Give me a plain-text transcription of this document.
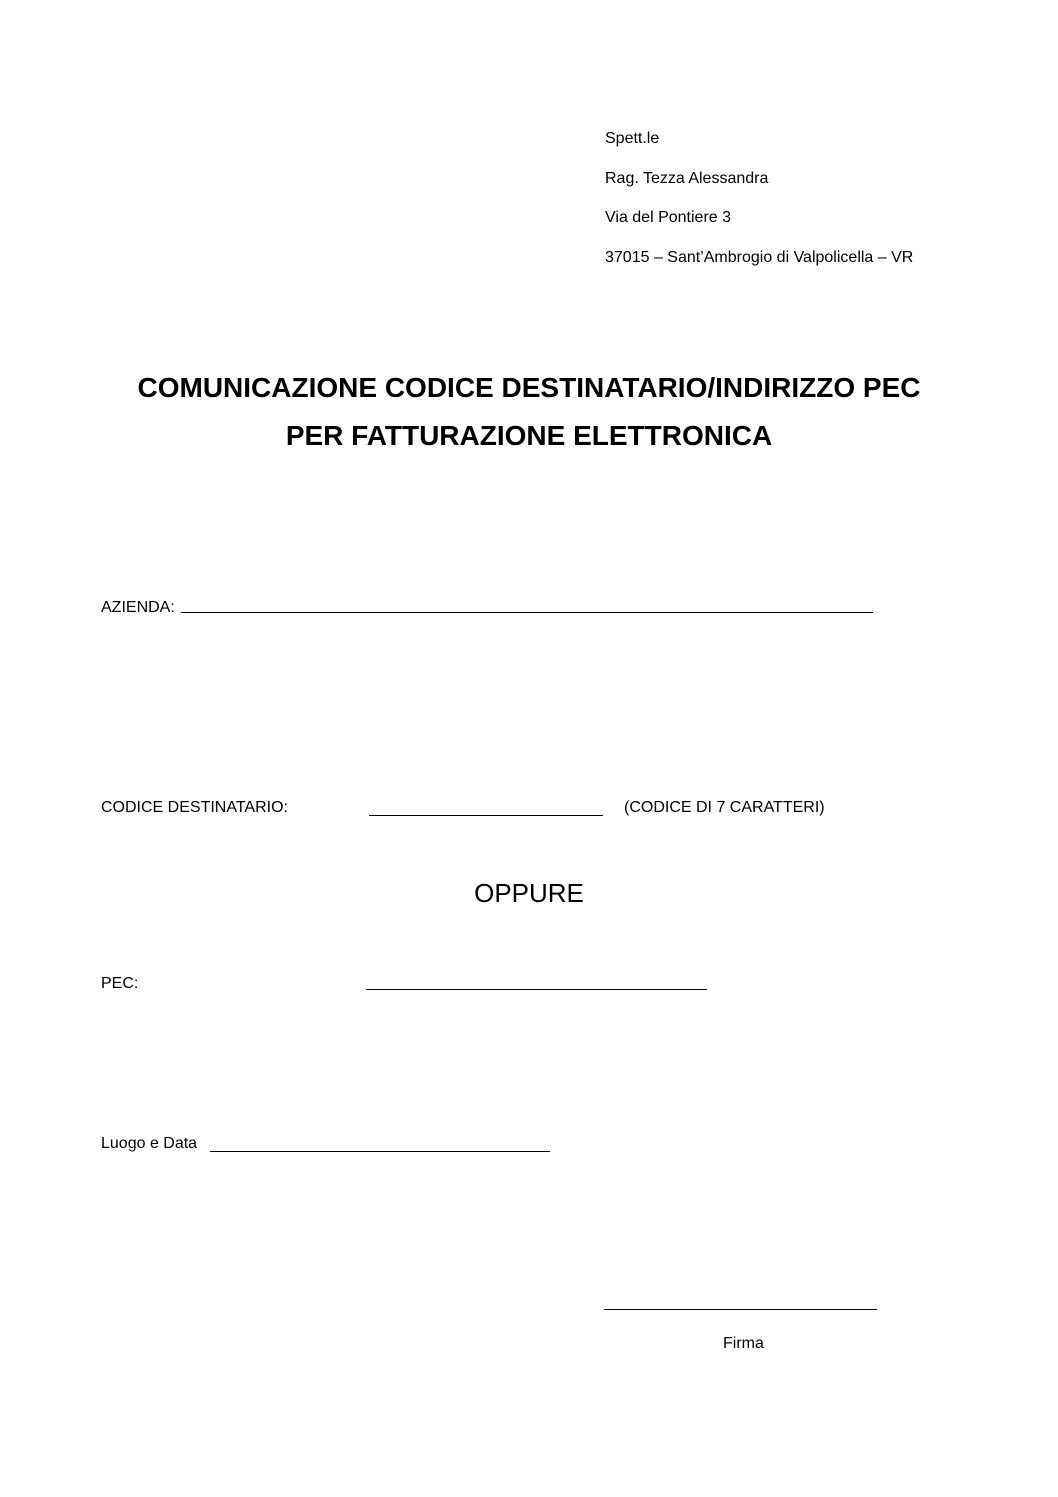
Spett.le
Rag. Tezza Alessandra
Via del Pontiere 3
37015 – Sant’Ambrogio di Valpolicella – VR
COMUNICAZIONE CODICE DESTINATARIO/INDIRIZZO PEC
PER FATTURAZIONE ELETTRONICA
AZIENDA:
CODICE DESTINATARIO:	(CODICE DI 7 CARATTERI)
OPPURE
PEC:
Luogo e Data
Firma
